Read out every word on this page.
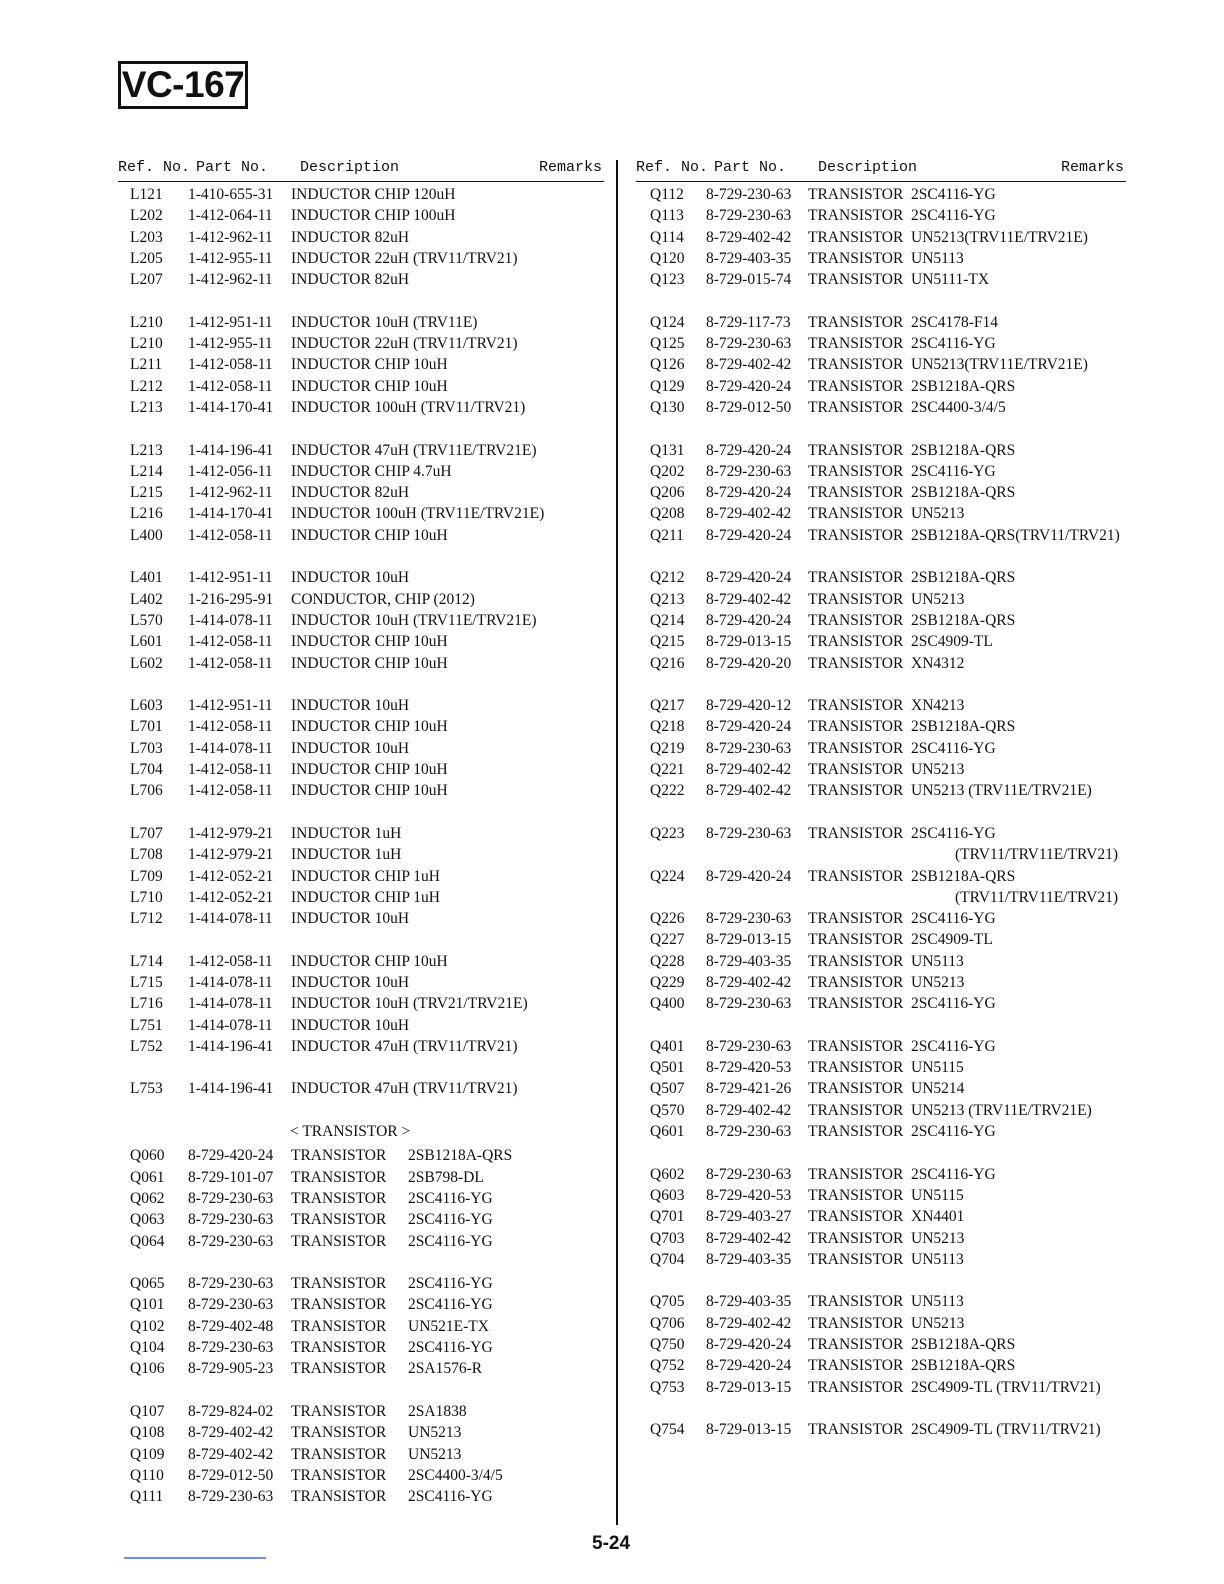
VC-167
Ref. No. Part No. Description	Remarks
L121 1-410-655-31 INDUCTOR CHIP 120uH
L202 1-412-064-11 INDUCTOR CHIP 100uH
L203 1-412-962-11 INDUCTOR 82uH
L205 1-412-955-11 INDUCTOR 22uH (TRV11/TRV21)
L207 1-412-962-11 INDUCTOR 82uH
L210 1-412-951-11 INDUCTOR 10uH (TRV11E)
L210 1-412-955-11 INDUCTOR 22uH (TRV11/TRV21)
L211 1-412-058-11 INDUCTOR CHIP 10uH
L212 1-412-058-11 INDUCTOR CHIP 10uH
L213 1-414-170-41 INDUCTOR 100uH (TRV11/TRV21)
L213 1-414-196-41 INDUCTOR 47uH (TRV11E/TRV21E)
L214 1-412-056-11 INDUCTOR CHIP 4.7uH
L215 1-412-962-11 INDUCTOR 82uH
L216 1-414-170-41 INDUCTOR 100uH (TRV11E/TRV21E)
L400 1-412-058-11 INDUCTOR CHIP 10uH
L401 1-412-951-11 INDUCTOR 10uH
L402 1-216-295-91 CONDUCTOR, CHIP (2012)
L570 1-414-078-11 INDUCTOR 10uH (TRV11E/TRV21E)
L601 1-412-058-11 INDUCTOR CHIP 10uH
L602 1-412-058-11 INDUCTOR CHIP 10uH
L603 1-412-951-11 INDUCTOR 10uH
L701 1-412-058-11 INDUCTOR CHIP 10uH
L703 1-414-078-11 INDUCTOR 10uH
L704 1-412-058-11 INDUCTOR CHIP 10uH
L706 1-412-058-11 INDUCTOR CHIP 10uH
L707 1-412-979-21 INDUCTOR 1uH
L708 1-412-979-21 INDUCTOR 1uH
L709 1-412-052-21 INDUCTOR CHIP 1uH
L710 1-412-052-21 INDUCTOR CHIP 1uH
L712 1-414-078-11 INDUCTOR 10uH
L714 1-412-058-11 INDUCTOR CHIP 10uH
L715 1-414-078-11 INDUCTOR 10uH
L716 1-414-078-11 INDUCTOR 10uH (TRV21/TRV21E)
L751 1-414-078-11 INDUCTOR 10uH
L752 1-414-196-41 INDUCTOR 47uH (TRV11/TRV21)
L753 1-414-196-41 INDUCTOR 47uH (TRV11/TRV21)
< TRANSISTOR >
Q060 8-729-420-24 TRANSISTOR 2SB1218A-QRS
Q061 8-729-101-07 TRANSISTOR 2SB798-DL
Q062 8-729-230-63 TRANSISTOR 2SC4116-YG
Q063 8-729-230-63 TRANSISTOR 2SC4116-YG
Q064 8-729-230-63 TRANSISTOR 2SC4116-YG
Q065 8-729-230-63 TRANSISTOR 2SC4116-YG
Q101 8-729-230-63 TRANSISTOR 2SC4116-YG
Q102 8-729-402-48 TRANSISTOR UN521E-TX
Q104 8-729-230-63 TRANSISTOR 2SC4116-YG
Q106 8-729-905-23 TRANSISTOR 2SA1576-R
Q107 8-729-824-02 TRANSISTOR 2SA1838
Q108 8-729-402-42 TRANSISTOR UN5213
Q109 8-729-402-42 TRANSISTOR UN5213
Q110 8-729-012-50 TRANSISTOR 2SC4400-3/4/5
Q111 8-729-230-63 TRANSISTOR 2SC4116-YG
Ref. No. Part No. Description	Remarks
Q112 8-729-230-63 TRANSISTOR 2SC4116-YG
Q113 8-729-230-63 TRANSISTOR 2SC4116-YG
Q114 8-729-402-42 TRANSISTOR UN5213(TRV11E/TRV21E)
Q120 8-729-403-35 TRANSISTOR UN5113
Q123 8-729-015-74 TRANSISTOR UN5111-TX
Q124 8-729-117-73 TRANSISTOR 2SC4178-F14
Q125 8-729-230-63 TRANSISTOR 2SC4116-YG
Q126 8-729-402-42 TRANSISTOR UN5213(TRV11E/TRV21E)
Q129 8-729-420-24 TRANSISTOR 2SB1218A-QRS
Q130 8-729-012-50 TRANSISTOR 2SC4400-3/4/5
Q131 8-729-420-24 TRANSISTOR 2SB1218A-QRS
Q202 8-729-230-63 TRANSISTOR 2SC4116-YG
Q206 8-729-420-24 TRANSISTOR 2SB1218A-QRS
Q208 8-729-402-42 TRANSISTOR UN5213
Q211 8-729-420-24 TRANSISTOR 2SB1218A-QRS(TRV11/TRV21)
Q212 8-729-420-24 TRANSISTOR 2SB1218A-QRS
Q213 8-729-402-42 TRANSISTOR UN5213
Q214 8-729-420-24 TRANSISTOR 2SB1218A-QRS
Q215 8-729-013-15 TRANSISTOR 2SC4909-TL
Q216 8-729-420-20 TRANSISTOR XN4312
Q217 8-729-420-12 TRANSISTOR XN4213
Q218 8-729-420-24 TRANSISTOR 2SB1218A-QRS
Q219 8-729-230-63 TRANSISTOR 2SC4116-YG
Q221 8-729-402-42 TRANSISTOR UN5213
Q222 8-729-402-42 TRANSISTOR UN5213 (TRV11E/TRV21E)
Q223 8-729-230-63 TRANSISTOR 2SC4116-YG
(TRV11/TRV11E/TRV21)
Q224 8-729-420-24 TRANSISTOR 2SB1218A-QRS
(TRV11/TRV11E/TRV21)
Q226 8-729-230-63 TRANSISTOR 2SC4116-YG
Q227 8-729-013-15 TRANSISTOR 2SC4909-TL
Q228 8-729-403-35 TRANSISTOR UN5113
Q229 8-729-402-42 TRANSISTOR UN5213
Q400 8-729-230-63 TRANSISTOR 2SC4116-YG
Q401 8-729-230-63 TRANSISTOR 2SC4116-YG
Q501 8-729-420-53 TRANSISTOR UN5115
Q507 8-729-421-26 TRANSISTOR UN5214
Q570 8-729-402-42 TRANSISTOR UN5213 (TRV11E/TRV21E)
Q601 8-729-230-63 TRANSISTOR 2SC4116-YG
Q602 8-729-230-63 TRANSISTOR 2SC4116-YG
Q603 8-729-420-53 TRANSISTOR UN5115
Q701 8-729-403-27 TRANSISTOR XN4401
Q703 8-729-402-42 TRANSISTOR UN5213
Q704 8-729-403-35 TRANSISTOR UN5113
Q705 8-729-403-35 TRANSISTOR UN5113
Q706 8-729-402-42 TRANSISTOR UN5213
Q750 8-729-420-24 TRANSISTOR 2SB1218A-QRS
Q752 8-729-420-24 TRANSISTOR 2SB1218A-QRS
Q753 8-729-013-15 TRANSISTOR 2SC4909-TL (TRV11/TRV21)
Q754 8-729-013-15 TRANSISTOR 2SC4909-TL (TRV11/TRV21)
5-24
